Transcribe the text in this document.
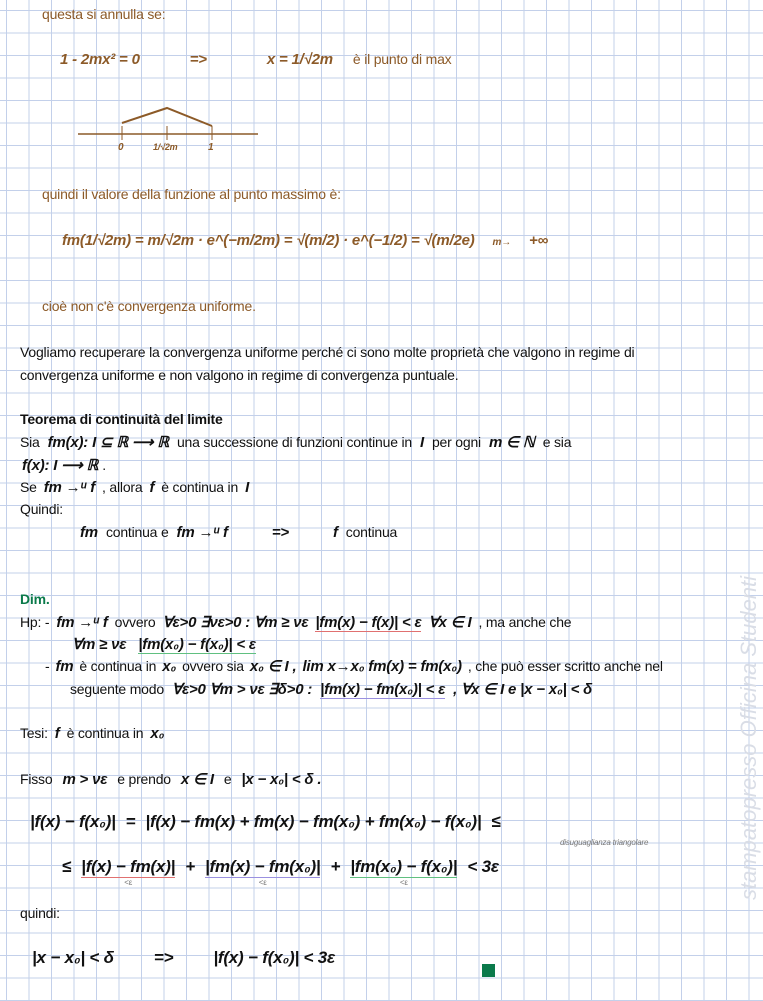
stampatopresso Officina Studenti
questa si annulla se:
1 - 2mx² = 0	=>	x = 1/√2m è il punto di max
0	1/√2m	1
quindi il valore della funzione al punto massimo è:
fm(1/√2m) = m/√2m · e^(−m/2m) = √(m/2) · e^(−1/2) = √(m/2e) m→ +∞
cioè non c'è convergenza uniforme.
Vogliamo recuperare la convergenza uniforme perché ci sono molte proprietà che valgono in regime di
convergenza uniforme e non valgono in regime di convergenza puntuale.
Teorema di continuità del limite
Sia fm(x): I ⊆ ℝ ⟶ ℝ una successione di funzioni continue in I per ogni m ∈ ℕ e sia
f(x): I ⟶ ℝ .
Se fm →ᵘ f , allora f è continua in I
Quindi:
fm continua e fm →ᵘ f	=>	f continua
Dim.
Hp: - fm →ᵘ f ovvero ∀ε>0 ∃νε>0 : ∀m ≥ νε |fm(x) − f(x)| < ε ∀x ∈ I , ma anche che
∀m ≥ νε |fm(x₀) − f(x₀)| < ε
- fm è continua in x₀ ovvero sia x₀ ∈ I , lim x→x₀ fm(x) = fm(x₀) , che può esser scritto anche nel
seguente modo ∀ε>0 ∀m > νε ∃δ>0 : |fm(x) − fm(x₀)| < ε , ∀x ∈ I e |x − x₀| < δ
Tesi: f è continua in x₀
Fisso m > νε e prendo x ∈ I e |x − x₀| < δ .
|f(x) − f(x₀)| = |f(x) − fm(x) + fm(x) − fm(x₀) + fm(x₀) − f(x₀)| ≤
disuguaglianza triangolare
≤ |f(x) − fm(x)|
<ε
+ |fm(x) − fm(x₀)|
<ε
+ |fm(x₀) − f(x₀)|
<ε
< 3ε
quindi:
|x − x₀| < δ => |f(x) − f(x₀)| < 3ε
